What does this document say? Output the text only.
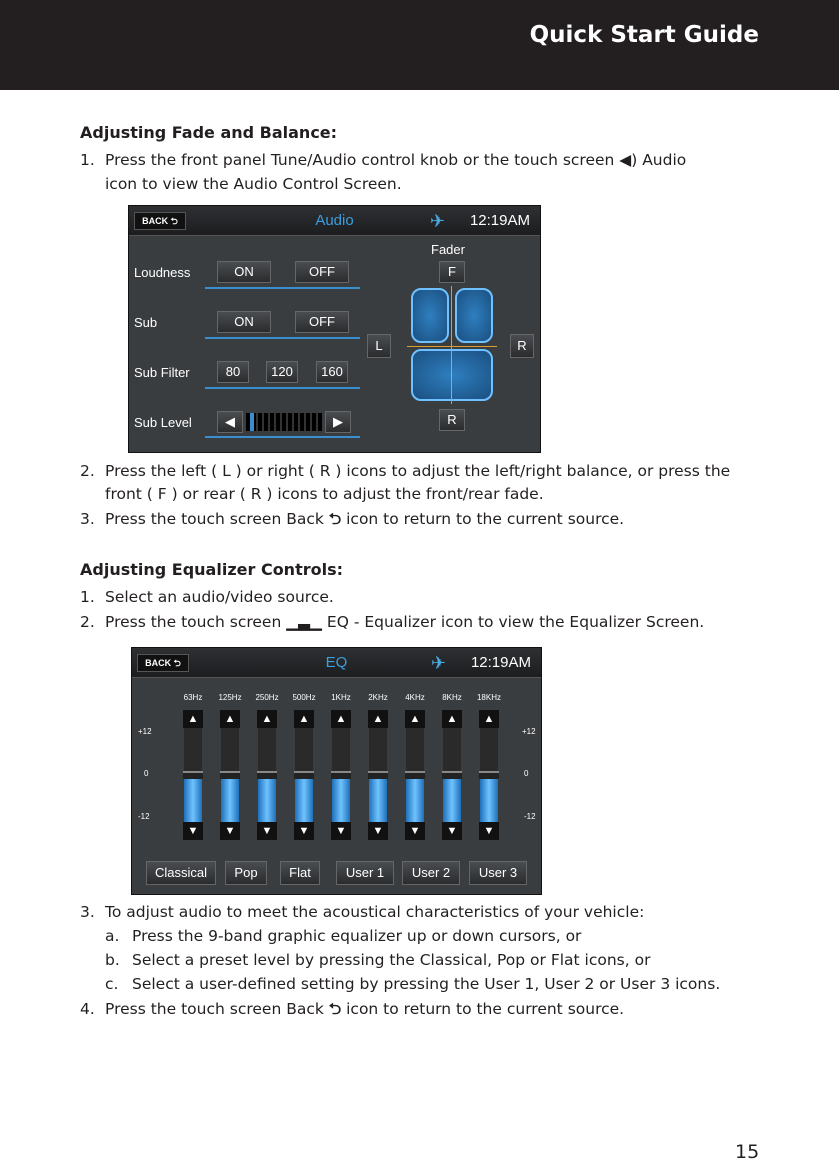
Quick Start Guide
Adjusting Fade and Balance:
1. Press the front panel Tune/Audio control knob or the touch screen ◀) Audio
icon to view the Audio Control Screen.
BACK ⮌	Audio	✈ 12:19AM
Loudness	ON	OFF
Sub	ON	OFF
Sub Filter	80	120	160
Sub Level	◀	▶
Fader
F
R
L	R
2. Press the left ( L ) or right ( R ) icons to adjust the left/right balance, or press the
front ( F ) or rear ( R ) icons to adjust the front/rear fade.
3. Press the touch screen Back ⮌ icon to return to the current source.
Adjusting Equalizer Controls:
1. Select an audio/video source.
2. Press the touch screen ▁▃▁ EQ - Equalizer icon to view the Equalizer Screen.
BACK ⮌	EQ	✈ 12:19AM
+12
0
-12
+12
0
-12
63Hz
▲
▼
125Hz
▲
▼
250Hz
▲
▼
500Hz
▲
▼
1KHz
▲
▼
2KHz
▲
▼
4KHz
▲
▼
8KHz
▲
▼
18KHz
▲
▼
Classical	Pop	Flat	User 1	User 2	User 3
3. To adjust audio to meet the acoustical characteristics of your vehicle:
a. Press the 9-band graphic equalizer up or down cursors, or
b. Select a preset level by pressing the Classical, Pop or Flat icons, or
c. Select a user-defined setting by pressing the User 1, User 2 or User 3 icons.
4. Press the touch screen Back ⮌ icon to return to the current source.
15
